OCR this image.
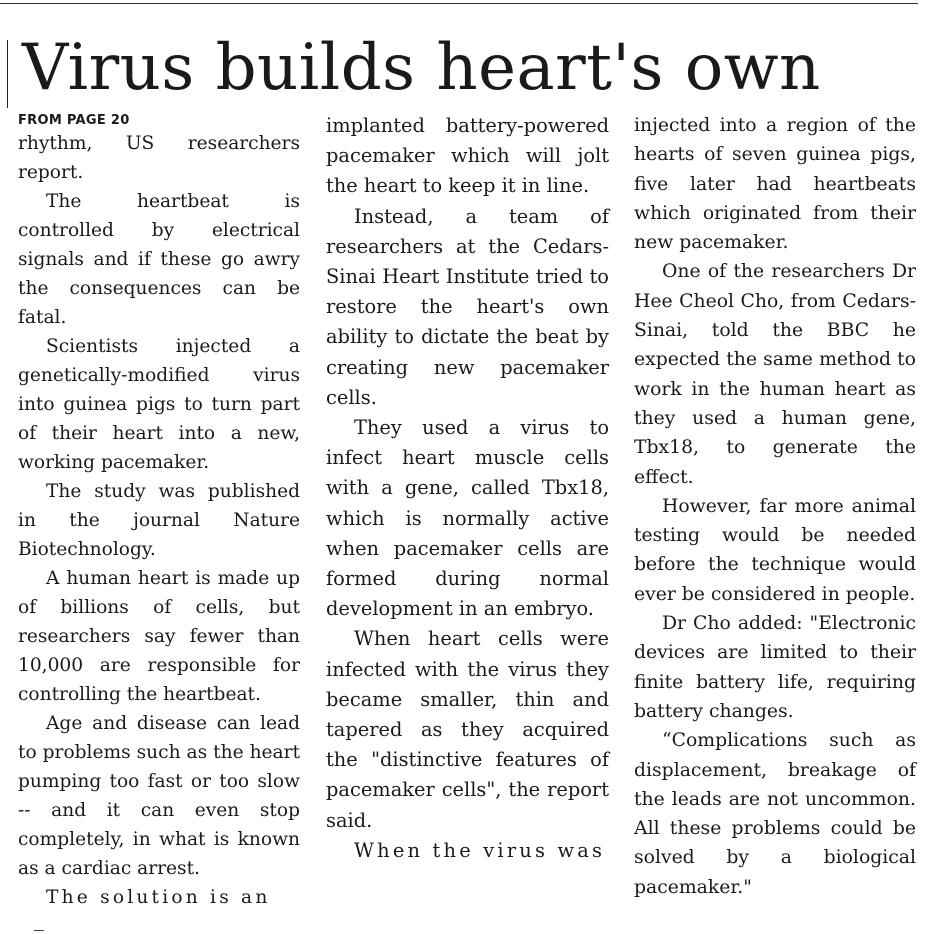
Virus builds heart's own
FROM PAGE 20

rhythm, US researchers report.

The heartbeat is controlled by electrical signals and if these go awry the consequences can be fatal.

Scientists injected a genetically-modified virus into guinea pigs to turn part of their heart into a new, working pacemaker.

The study was published in the journal Nature Biotechnology.

A human heart is made up of billions of cells, but researchers say fewer than 10,000 are responsible for controlling the heartbeat.

Age and disease can lead to problems such as the heart pumping too fast or too slow -- and it can even stop completely, in what is known as a cardiac arrest.

The solution is an

implanted battery-powered pacemaker which will jolt the heart to keep it in line.

Instead, a team of researchers at the Cedars-Sinai Heart Institute tried to restore the heart's own ability to dictate the beat by creating new pacemaker cells.

They used a virus to infect heart muscle cells with a gene, called Tbx18, which is normally active when pacemaker cells are formed during normal development in an embryo.

When heart cells were infected with the virus they became smaller, thin and tapered as they acquired the "distinctive features of pacemaker cells", the report said.

When the virus was

injected into a region of the hearts of seven guinea pigs, five later had heartbeats which originated from their new pacemaker.

One of the researchers Dr Hee Cheol Cho, from Cedars-Sinai, told the BBC he expected the same method to work in the human heart as they used a human gene, Tbx18, to generate the effect.

However, far more animal testing would be needed before the technique would ever be considered in people.

Dr Cho added: "Electronic devices are limited to their finite battery life, requiring battery changes.

“Complications such as displacement, breakage of the leads are not uncommon. All these problems could be solved by a biological pacemaker."
